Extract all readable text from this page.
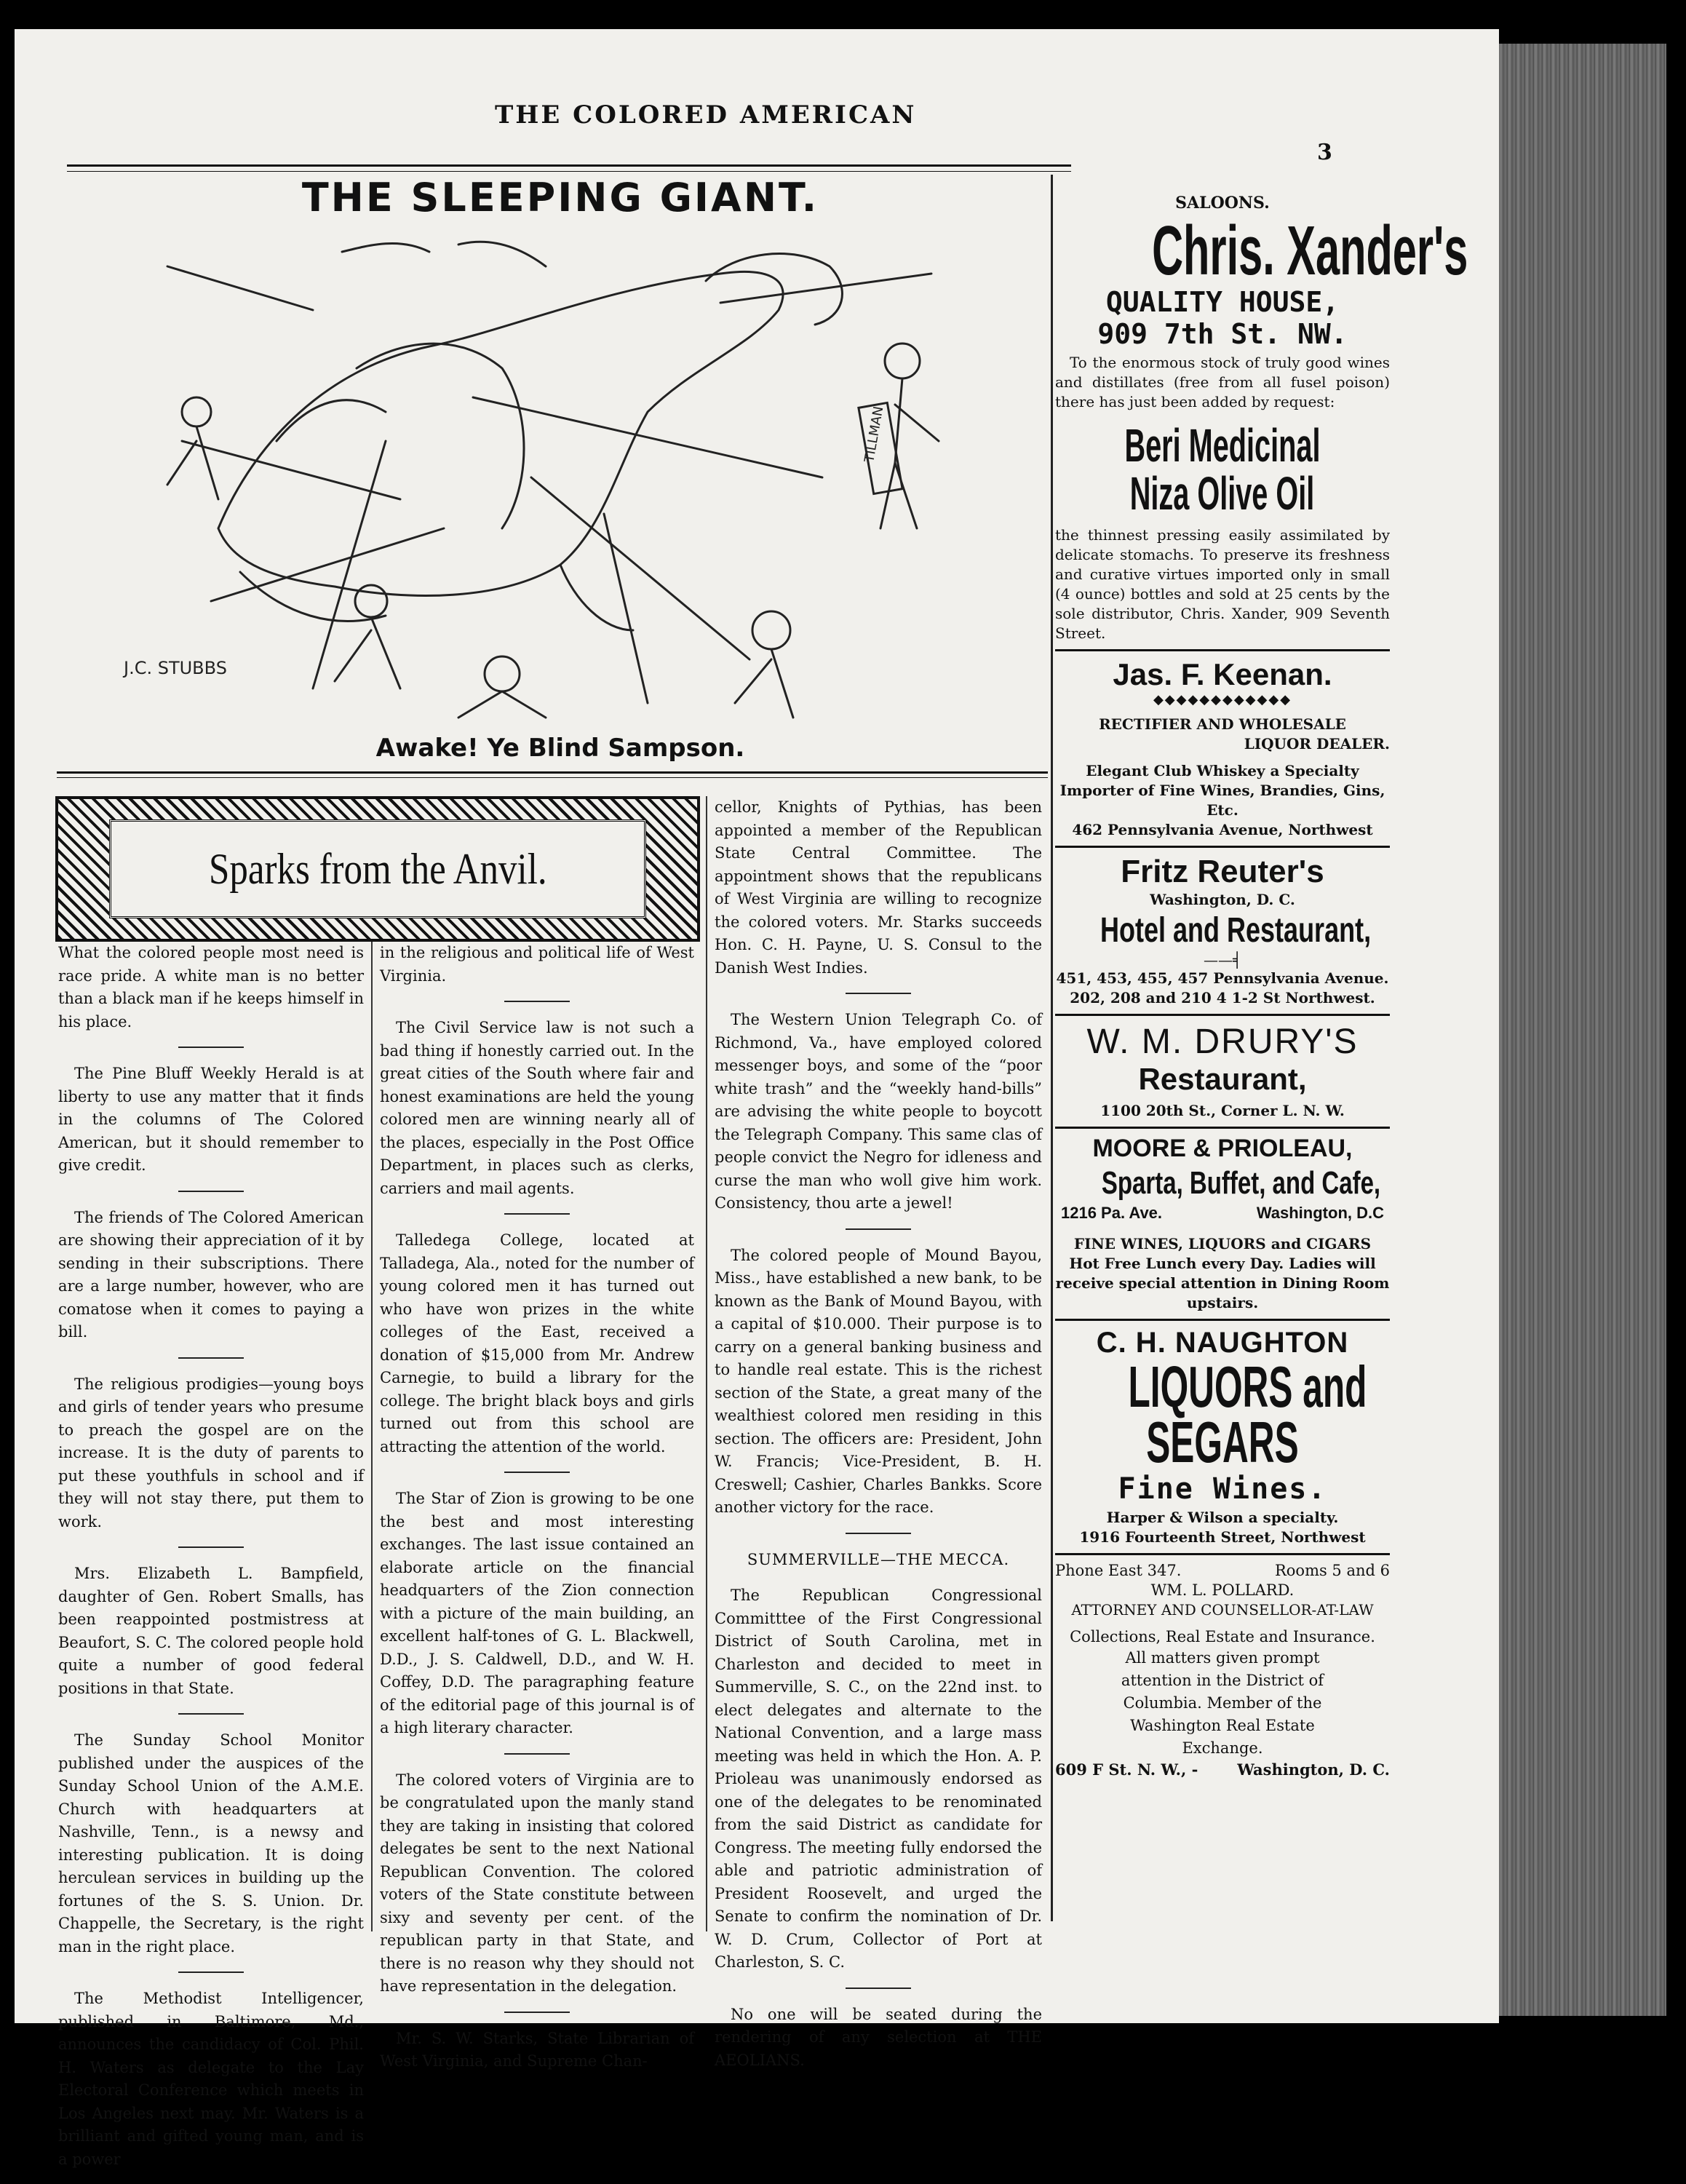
THE COLORED AMERICAN
3
THE SLEEPING GIANT.
TILLMAN
J.C. STUBBS
Awake! Ye Blind Sampson.
Sparks from the Anvil.

What the colored people most need is race pride. A white man is no better than a black man if he keeps himself in his place.

The Pine Bluff Weekly Herald is at liberty to use any matter that it finds in the columns of The Colored American, but it should remember to give credit.

The friends of The Colored American are showing their appreciation of it by sending in their subscriptions. There are a large number, however, who are comatose when it comes to paying a bill.

The religious prodigies—young boys and girls of tender years who presume to preach the gospel are on the increase. It is the duty of parents to put these youthfuls in school and if they will not stay there, put them to work.

Mrs. Elizabeth L. Bampfield, daughter of Gen. Robert Smalls, has been reappointed postmistress at Beaufort, S. C. The colored people hold quite a number of good federal positions in that State.

The Sunday School Monitor published under the auspices of the Sunday School Union of the A.M.E. Church with headquarters at Nashville, Tenn., is a newsy and interesting publication. It is doing herculean services in building up the fortunes of the S. S. Union. Dr. Chappelle, the Secretary, is the right man in the right place.

The Methodist Intelligencer, published in Baltimore, Md., announces the candidacy of Col. Phil. H. Waters as delegate to the Lay Electoral Conference which meets in Los Angeles next may. Mr. Waters is a brilliant and gifted young man, and is a power

in the religious and political life of West Virginia.

The Civil Service law is not such a bad thing if honestly carried out. In the great cities of the South where fair and honest examinations are held the young colored men are winning nearly all of the places, especially in the Post Office Department, in places such as clerks, carriers and mail agents.

Talledega College, located at Talladega, Ala., noted for the number of young colored men it has turned out who have won prizes in the white colleges of the East, received a donation of $15,000 from Mr. Andrew Carnegie, to build a library for the college. The bright black boys and girls turned out from this school are attracting the attention of the world.

The Star of Zion is growing to be one the best and most interesting exchanges. The last issue contained an elaborate article on the financial headquarters of the Zion connection with a picture of the main building, an excellent half-tones of G. L. Blackwell, D.D., J. S. Caldwell, D.D., and W. H. Coffey, D.D. The paragraphing feature of the editorial page of this journal is of a high literary character.

The colored voters of Virginia are to be congratulated upon the manly stand they are taking in insisting that colored delegates be sent to the next National Republican Convention. The colored voters of the State constitute between sixy and seventy per cent. of the republican party in that State, and there is no reason why they should not have representation in the delegation.

Mr. S. W. Starks, State Librarian of West Virginia, and Supreme Chan-

cellor, Knights of Pythias, has been appointed a member of the Republican State Central Committee. The appointment shows that the republicans of West Virginia are willing to recognize the colored voters. Mr. Starks succeeds Hon. C. H. Payne, U. S. Consul to the Danish West Indies.

The Western Union Telegraph Co. of Richmond, Va., have employed colored messenger boys, and some of the “poor white trash” and the “weekly hand-bills” are advising the white people to boycott the Telegraph Company. This same clas of people convict the Negro for idleness and curse the man who woll give him work. Consistency, thou arte a jewel!

The colored people of Mound Bayou, Miss., have established a new bank, to be known as the Bank of Mound Bayou, with a capital of $10.000. Their purpose is to carry on a general banking business and to handle real estate. This is the richest section of the State, a great many of the wealthiest colored men residing in this section. The officers are: President, John W. Francis; Vice-President, B. H. Creswell; Cashier, Charles Bankks. Score another victory for the race.

SUMMERVILLE—THE MECCA.

The Republican Congressional Committtee of the First Congressional District of South Carolina, met in Charleston and decided to meet in Summerville, S. C., on the 22nd inst. to elect delegates and alternate to the National Convention, and a large mass meeting was held in which the Hon. A. P. Prioleau was unanimously endorsed as one of the delegates to be renominated from the said District as candidate for Congress. The meeting fully endorsed the able and patriotic administration of President Roosevelt, and urged the Senate to confirm the nomination of Dr. W. D. Crum, Collector of Port at Charleston, S. C.

No one will be seated during the rendering of any selection at THE AEOLIANS.

SALOONS.
Chris. Xander's
QUALITY HOUSE,
909 7th St. NW.
To the enormous stock of truly good wines and distillates (free from all fusel poison) there has just been added by request:
Beri Medicinal
Niza Olive Oil
the thinnest pressing easily assimilated by delicate stomachs. To preserve its freshness and curative virtues imported only in small (4 ounce) bottles and sold at 25 cents by the sole distributor, Chris. Xander, 909 Seventh Street.
Jas. F. Keenan.
◆◆◆◆◆◆◆◆◆◆◆◆
RECTIFIER AND WHOLESALE
LIQUOR DEALER.
Elegant Club Whiskey a Specialty Importer of Fine Wines, Brandies, Gins, Etc.
462 Pennsylvania Avenue, Northwest
Fritz Reuter's
Washington, D. C.
Hotel and Restaurant,
——╡
451, 453, 455, 457 Pennsylvania Avenue.
202, 208 and 210 4 1-2 St Northwest.
W. M. DRURY'S
Restaurant,
1100 20th St., Corner L. N. W.
MOORE & PRIOLEAU,
Sparta, Buffet, and Cafe,
1216 Pa. Ave.	Washington, D.C
FINE WINES, LIQUORS and CIGARS
Hot Free Lunch every Day. Ladies will receive special attention in Dining Room upstairs.
C. H. NAUGHTON
LIQUORS and
SEGARS
Fine Wines.
Harper & Wilson a specialty.
1916 Fourteenth Street, Northwest
Phone East 347.	Rooms 5 and 6
WM. L. POLLARD.
ATTORNEY AND COUNSELLOR-AT-LAW
Collections, Real Estate and Insurance.
All matters given prompt attention in the District of Columbia. Member of the Washington Real Estate Exchange.
609 F St. N. W., -	Washington, D. C.
